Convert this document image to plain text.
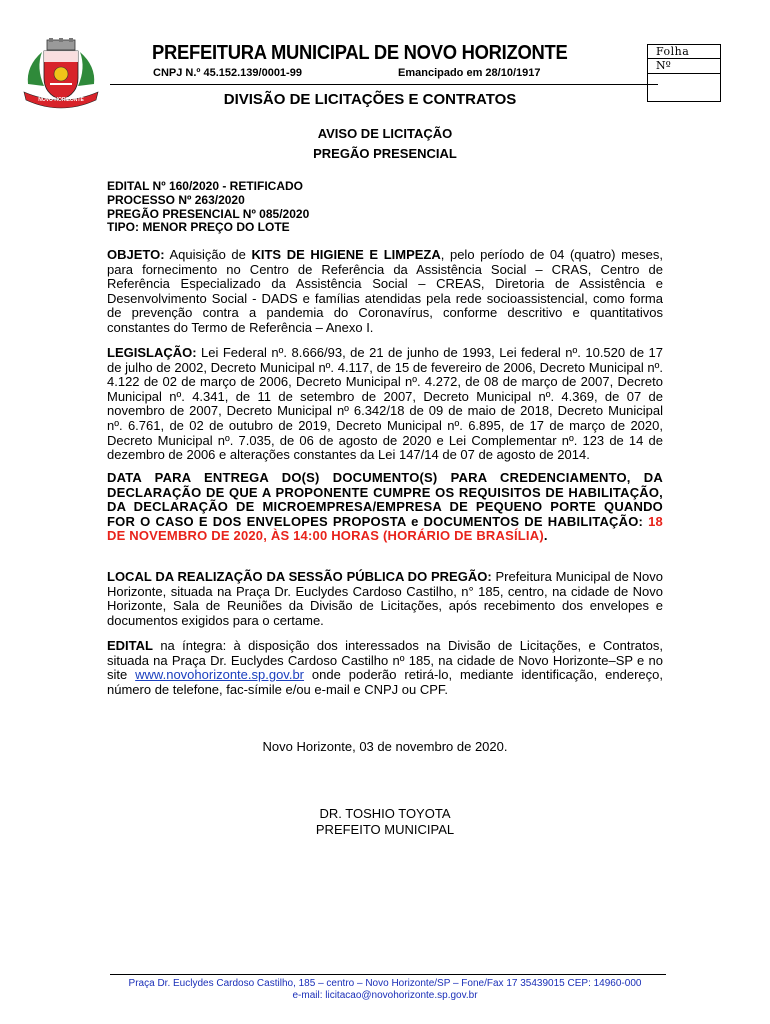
NOVO HORIZONTE
PREFEITURA MUNICIPAL DE NOVO HORIZONTE
CNPJ N.º 45.152.139/0001-99	Emancipado em 28/10/1917
DIVISÃO DE LICITAÇÕES E CONTRATOS
Folha
Nº
AVISO DE LICITAÇÃO
PREGÃO PRESENCIAL
EDITAL Nº 160/2020 - RETIFICADO
PROCESSO Nº 263/2020
PREGÃO PRESENCIAL Nº 085/2020
TIPO: MENOR PREÇO DO LOTE
OBJETO: Aquisição de KITS DE HIGIENE E LIMPEZA, pelo período de 04 (quatro) meses, para fornecimento no Centro de Referência da Assistência Social – CRAS, Centro de Referência Especializado da Assistência Social – CREAS, Diretoria de Assistência e Desenvolvimento Social - DADS e famílias atendidas pela rede socioassistencial, como forma de prevenção contra a pandemia do Coronavírus, conforme descritivo e quantitativos constantes do Termo de Referência – Anexo I.
LEGISLAÇÃO: Lei Federal nº. 8.666/93, de 21 de junho de 1993, Lei federal nº. 10.520 de 17 de julho de 2002, Decreto Municipal nº. 4.117, de 15 de fevereiro de 2006, Decreto Municipal nº. 4.122 de 02 de março de 2006, Decreto Municipal nº. 4.272, de 08 de março de 2007, Decreto Municipal nº. 4.341, de 11 de setembro de 2007, Decreto Municipal nº. 4.369, de 07 de novembro de 2007, Decreto Municipal nº 6.342/18 de 09 de maio de 2018, Decreto Municipal nº. 6.761, de 02 de outubro de 2019, Decreto Municipal nº. 6.895, de 17 de março de 2020, Decreto Municipal nº. 7.035, de 06 de agosto de 2020 e Lei Complementar nº. 123 de 14 de dezembro de 2006 e alterações constantes da Lei 147/14 de 07 de agosto de 2014.
DATA PARA ENTREGA DO(S) DOCUMENTO(S) PARA CREDENCIAMENTO, DA DECLARAÇÃO DE QUE A PROPONENTE CUMPRE OS REQUISITOS DE HABILITAÇÃO, DA DECLARAÇÃO DE MICROEMPRESA/EMPRESA DE PEQUENO PORTE QUANDO FOR O CASO E DOS ENVELOPES PROPOSTA e DOCUMENTOS DE HABILITAÇÃO: 18 DE NOVEMBRO DE 2020, ÀS 14:00 HORAS (HORÁRIO DE BRASÍLIA).
LOCAL DA REALIZAÇÃO DA SESSÃO PÚBLICA DO PREGÃO: Prefeitura Municipal de Novo Horizonte, situada na Praça Dr. Euclydes Cardoso Castilho, n° 185, centro, na cidade de Novo Horizonte, Sala de Reuniões da Divisão de Licitações, após recebimento dos envelopes e documentos exigidos para o certame.
EDITAL na íntegra: à disposição dos interessados na Divisão de Licitações, e Contratos, situada na Praça Dr. Euclydes Cardoso Castilho nº 185, na cidade de Novo Horizonte–SP e no site www.novohorizonte.sp.gov.br onde poderão retirá-lo, mediante identificação, endereço, número de telefone, fac-símile e/ou e-mail e CNPJ ou CPF.
Novo Horizonte, 03 de novembro de 2020.
DR. TOSHIO TOYOTA
PREFEITO MUNICIPAL
Praça Dr. Euclydes Cardoso Castilho, 185 – centro – Novo Horizonte/SP – Fone/Fax 17 35439015 CEP: 14960-000
e-mail: licitacao@novohorizonte.sp.gov.br
